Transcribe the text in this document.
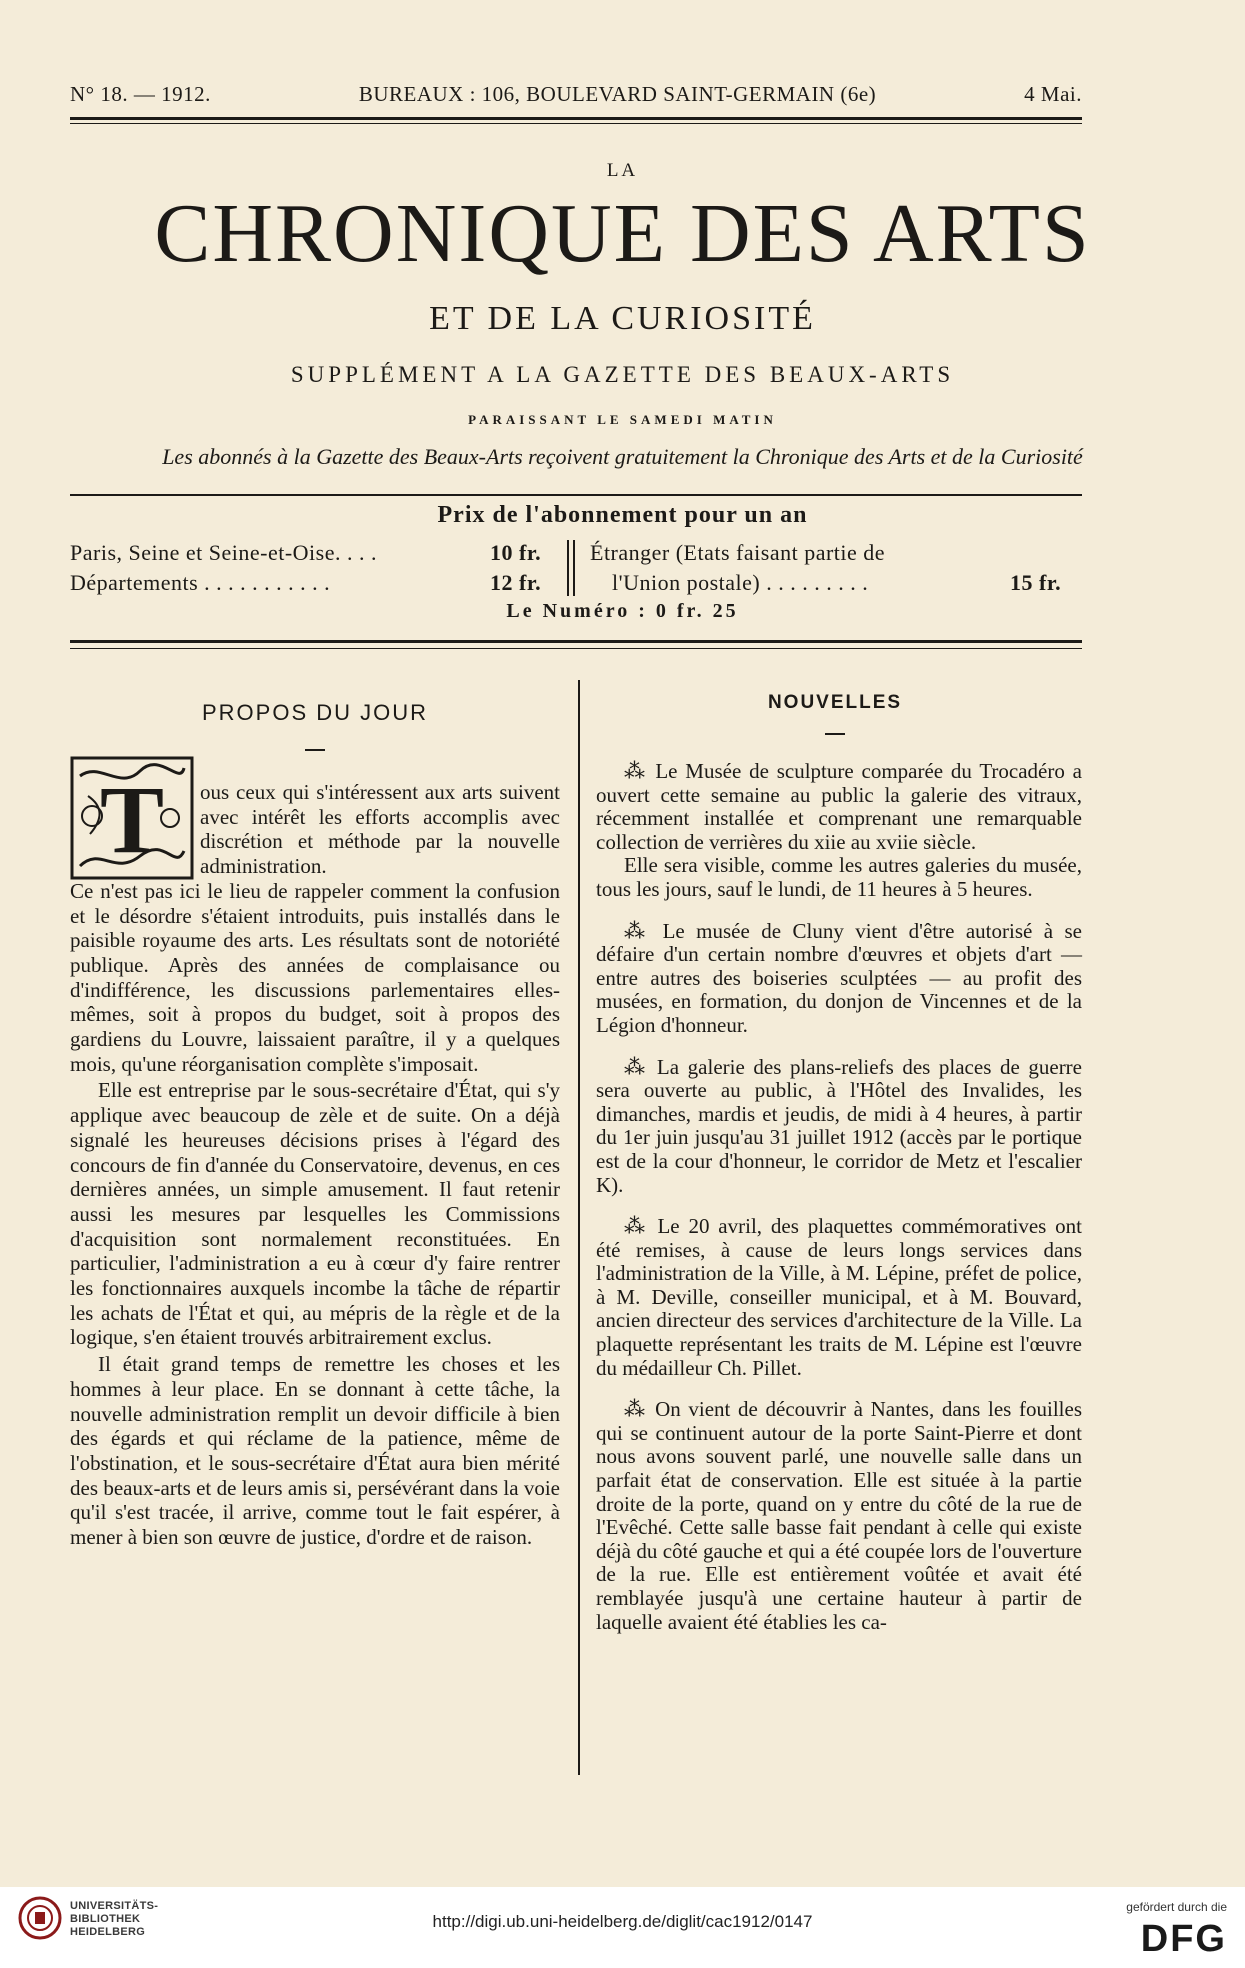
N° 18. — 1912.	BUREAUX : 106, BOULEVARD SAINT-GERMAIN (6e)	4 Mai.
LA
CHRONIQUE DES ARTS
ET DE LA CURIOSITÉ
SUPPLÉMENT A LA GAZETTE DES BEAUX-ARTS
PARAISSANT LE SAMEDI MATIN
Les abonnés à la Gazette des Beaux-Arts reçoivent gratuitement la Chronique des Arts et de la Curiosité
Prix de l'abonnement pour un an
Paris, Seine et Seine-et-Oise. . . .	10 fr.
Départements . . . . . . . . . . .	12 fr.
Étranger (Etats faisant partie de
l'Union postale) . . . . . . . . .	15 fr.
Le Numéro : 0 fr. 25
PROPOS DU JOUR
T	ous ceux qui s'intéressent aux arts suivent avec intérêt les efforts accomplis avec discrétion et méthode par la nouvelle administration.

Ce n'est pas ici le lieu de rappeler comment la confusion et le désordre s'étaient introduits, puis installés dans le paisible royaume des arts. Les résultats sont de notoriété publique. Après des années de complaisance ou d'indifférence, les discussions parlementaires elles-mêmes, soit à propos du budget, soit à propos des gardiens du Louvre, laissaient paraître, il y a quelques mois, qu'une réorganisation complète s'imposait.

Elle est entreprise par le sous-secrétaire d'État, qui s'y applique avec beaucoup de zèle et de suite. On a déjà signalé les heureuses décisions prises à l'égard des concours de fin d'année du Conservatoire, devenus, en ces dernières années, un simple amusement. Il faut retenir aussi les mesures par lesquelles les Commissions d'acquisition sont normalement reconstituées. En particulier, l'administration a eu à cœur d'y faire rentrer les fonctionnaires auxquels incombe la tâche de répartir les achats de l'État et qui, au mépris de la règle et de la logique, s'en étaient trouvés arbitrairement exclus.

Il était grand temps de remettre les choses et les hommes à leur place. En se donnant à cette tâche, la nouvelle administration remplit un devoir difficile à bien des égards et qui réclame de la patience, même de l'obstination, et le sous-secrétaire d'État aura bien mérité des beaux-arts et de leurs amis si, persévérant dans la voie qu'il s'est tracée, il arrive, comme tout le fait espérer, à mener à bien son œuvre de justice, d'ordre et de raison.

NOUVELLES

⁂ Le Musée de sculpture comparée du Trocadéro a ouvert cette semaine au public la galerie des vitraux, récemment installée et comprenant une remarquable collection de verrières du xiie au xviie siècle.

Elle sera visible, comme les autres galeries du musée, tous les jours, sauf le lundi, de 11 heures à 5 heures.

⁂ Le musée de Cluny vient d'être autorisé à se défaire d'un certain nombre d'œuvres et objets d'art — entre autres des boiseries sculptées — au profit des musées, en formation, du donjon de Vincennes et de la Légion d'honneur.

⁂ La galerie des plans-reliefs des places de guerre sera ouverte au public, à l'Hôtel des Invalides, les dimanches, mardis et jeudis, de midi à 4 heures, à partir du 1er juin jusqu'au 31 juillet 1912 (accès par le portique est de la cour d'honneur, le corridor de Metz et l'escalier K).

⁂ Le 20 avril, des plaquettes commémoratives ont été remises, à cause de leurs longs services dans l'administration de la Ville, à M. Lépine, préfet de police, à M. Deville, conseiller municipal, et à M. Bouvard, ancien directeur des services d'architecture de la Ville. La plaquette représentant les traits de M. Lépine est l'œuvre du médailleur Ch. Pillet.

⁂ On vient de découvrir à Nantes, dans les fouilles qui se continuent autour de la porte Saint-Pierre et dont nous avons souvent parlé, une nouvelle salle dans un parfait état de conservation. Elle est située à la partie droite de la porte, quand on y entre du côté de la rue de l'Evêché. Cette salle basse fait pendant à celle qui existe déjà du côté gauche et qui a été coupée lors de l'ouverture de la rue. Elle est entièrement voûtée et avait été remblayée jusqu'à une certaine hauteur à partir de laquelle avaient été établies les ca-

UNIVERSITÄTS-
BIBLIOTHEK
HEIDELBERG
http://digi.ub.uni-heidelberg.de/diglit/cac1912/0147
gefördert durch die
DFG
